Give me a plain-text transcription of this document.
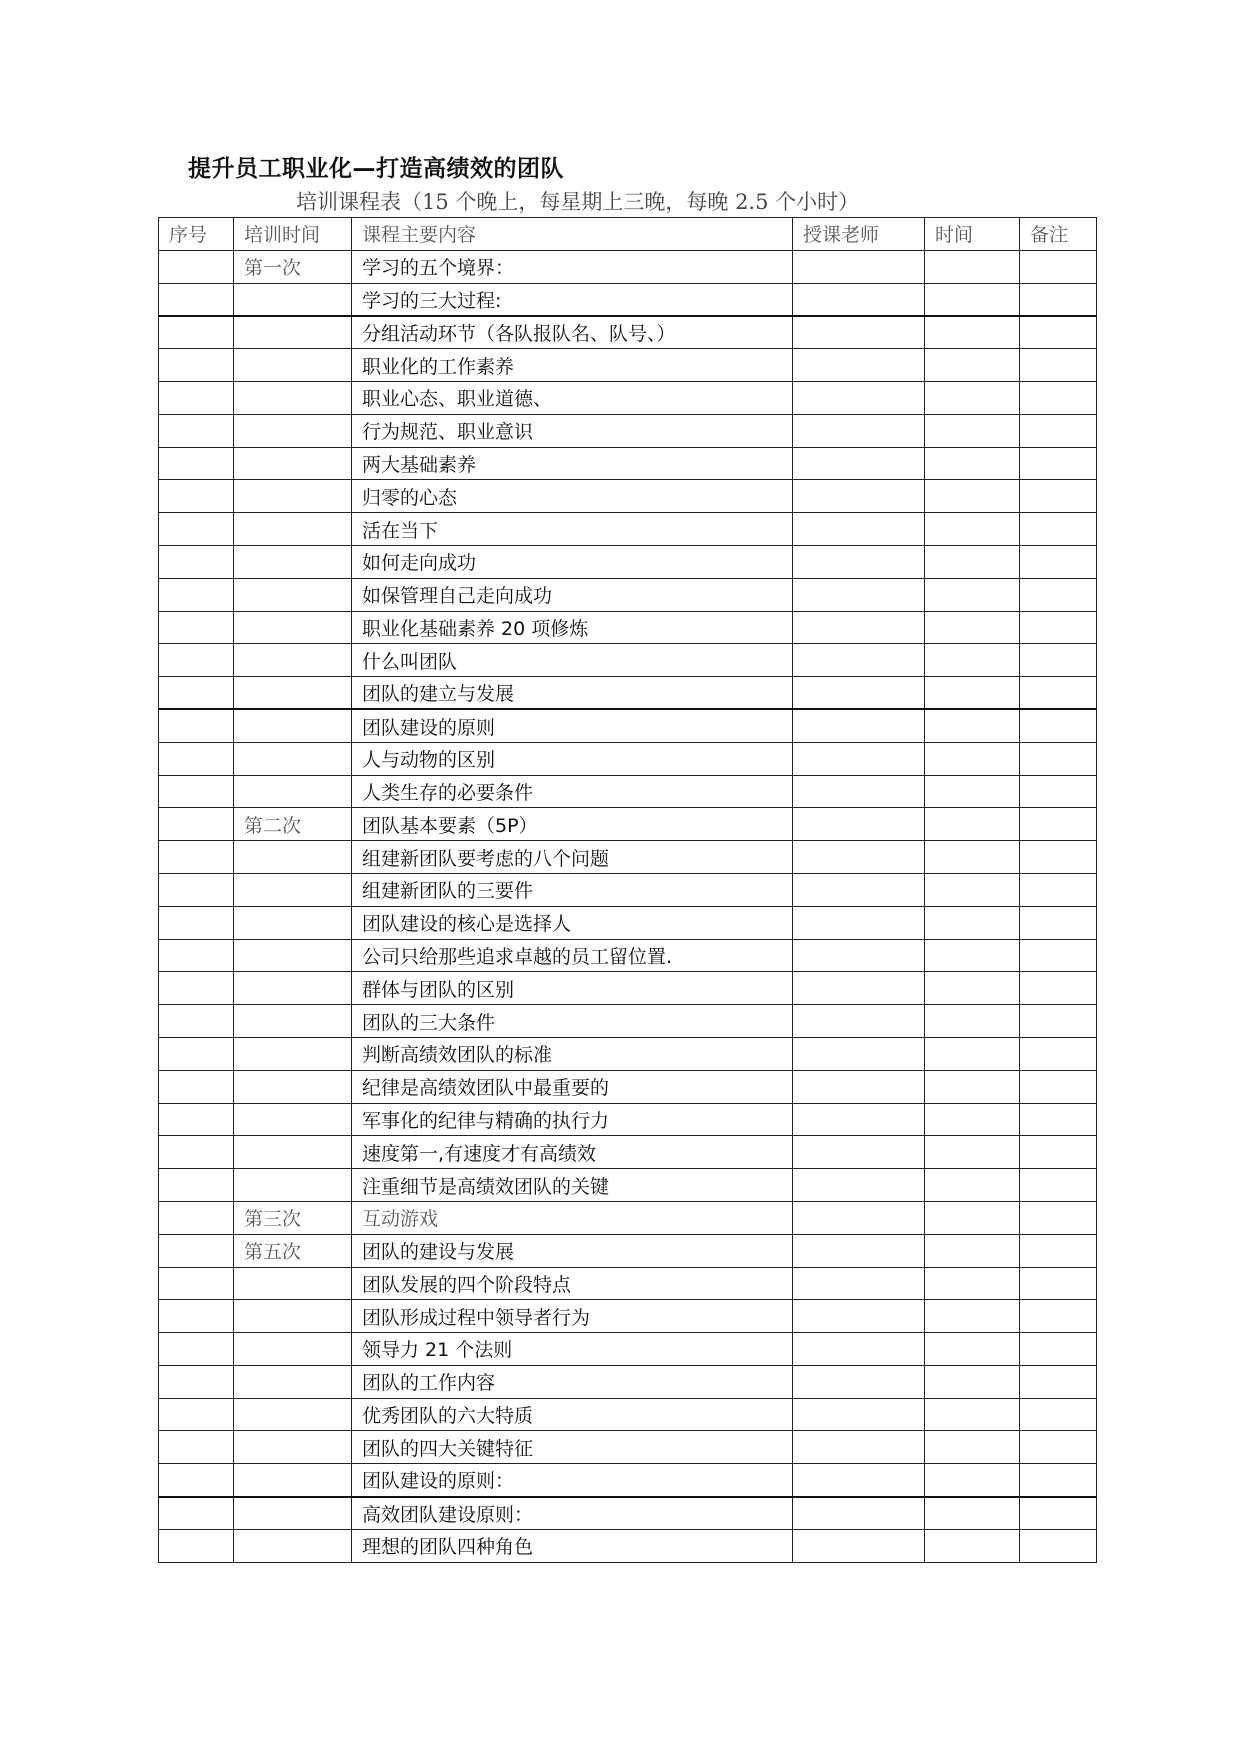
提升员工职业化—打造高绩效的团队
培训课程表（15 个晚上，每星期上三晚，每晚 2.5 个小时）
序号	培训时间	课程主要内容	授课老师	时间	备注
	第一次	学习的五个境界：			
		学习的三大过程:			
		分组活动环节（各队报队名、队号、）			
		职业化的工作素养			
		职业心态、职业道德、			
		行为规范、职业意识			
		两大基础素养			
		归零的心态			
		活在当下			
		如何走向成功			
		如保管理自己走向成功			
		职业化基础素养 20 项修炼			
		什么叫团队			
		团队的建立与发展			
		团队建设的原则			
		人与动物的区别			
		人类生存的必要条件			
	第二次	团队基本要素（5P）			
		组建新团队要考虑的八个问题			
		组建新团队的三要件			
		团队建设的核心是选择人			
		公司只给那些追求卓越的员工留位置.			
		群体与团队的区别			
		团队的三大条件			
		判断高绩效团队的标准			
		纪律是高绩效团队中最重要的			
		军事化的纪律与精确的执行力			
		速度第一,有速度才有高绩效			
		注重细节是高绩效团队的关键			
	第三次	互动游戏			
	第五次	团队的建设与发展			
		团队发展的四个阶段特点			
		团队形成过程中领导者行为			
		领导力 21 个法则			
		团队的工作内容			
		优秀团队的六大特质			
		团队的四大关键特征			
		团队建设的原则：			
		高效团队建设原则：			
		理想的团队四种角色			
